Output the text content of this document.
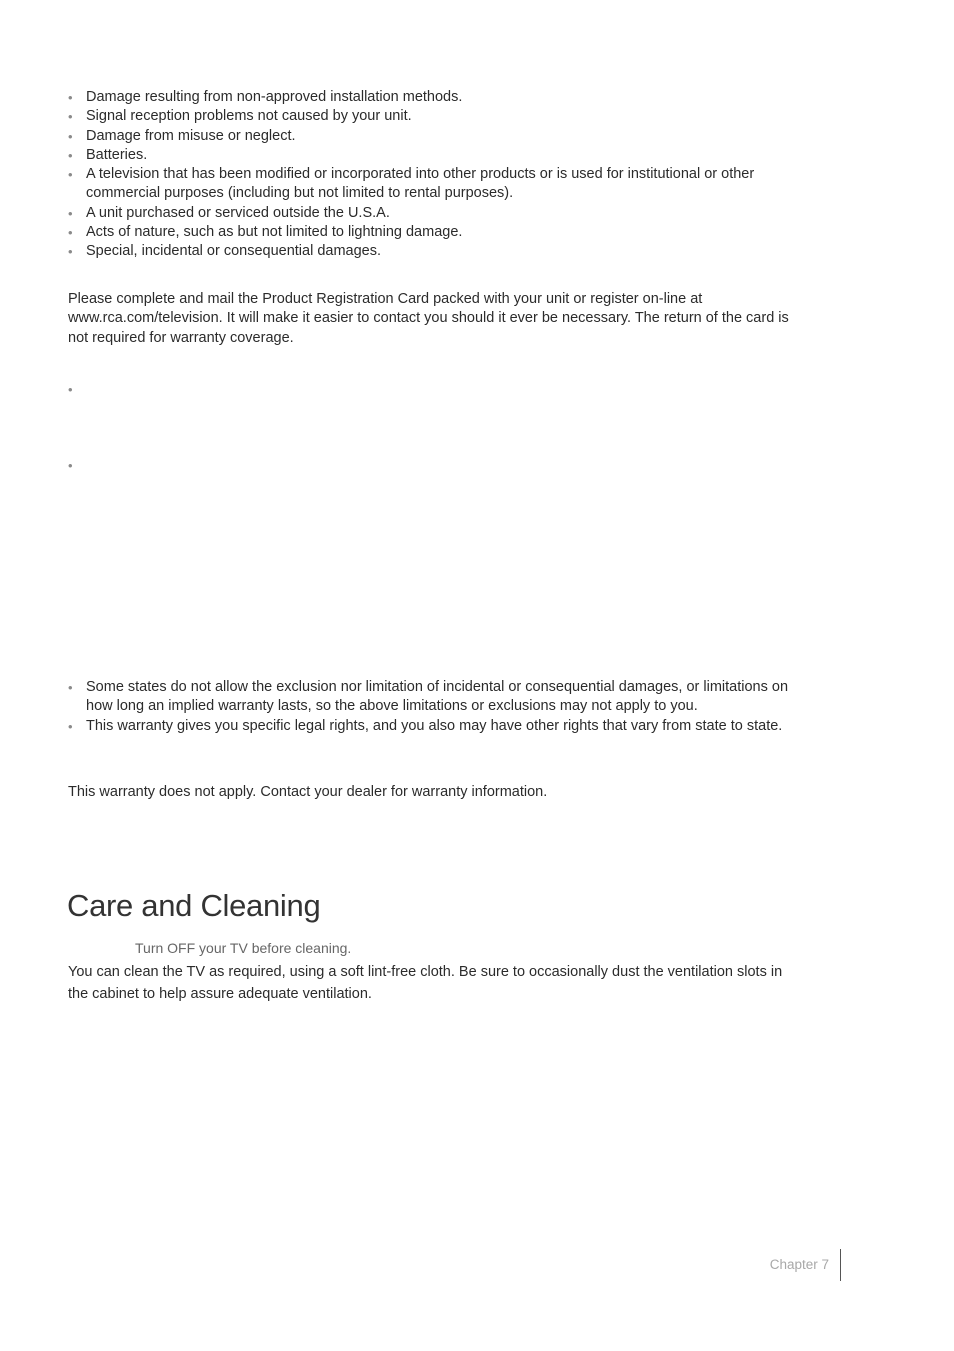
• Damage resulting from non-approved installation methods.
• Signal reception problems not caused by your unit.
• Damage from misuse or neglect.
• Batteries.
• A television that has been modified or incorporated into other products or is used for institutional or other commercial purposes (including but not limited to rental purposes).
• A unit purchased or serviced outside the U.S.A.
• Acts of nature, such as but not limited to lightning damage.
• Special, incidental or consequential damages.

Please complete and mail the Product Registration Card packed with your unit or register on-line at www.rca.com/television. It will make it easier to contact you should it ever be necessary. The return of the card is not required for warranty coverage.

•
•
• Some states do not allow the exclusion nor limitation of incidental or consequential damages, or limitations on how long an implied warranty lasts, so the above limitations or exclusions may not apply to you.
• This warranty gives you specific legal rights, and you also may have other rights that vary from state to state.

This warranty does not apply. Contact your dealer for warranty information.

Care and Cleaning

Turn OFF your TV before cleaning.

You can clean the TV as required, using a soft lint-free cloth. Be sure to occasionally dust the ventilation slots in the cabinet to help assure adequate ventilation.

Chapter 7
